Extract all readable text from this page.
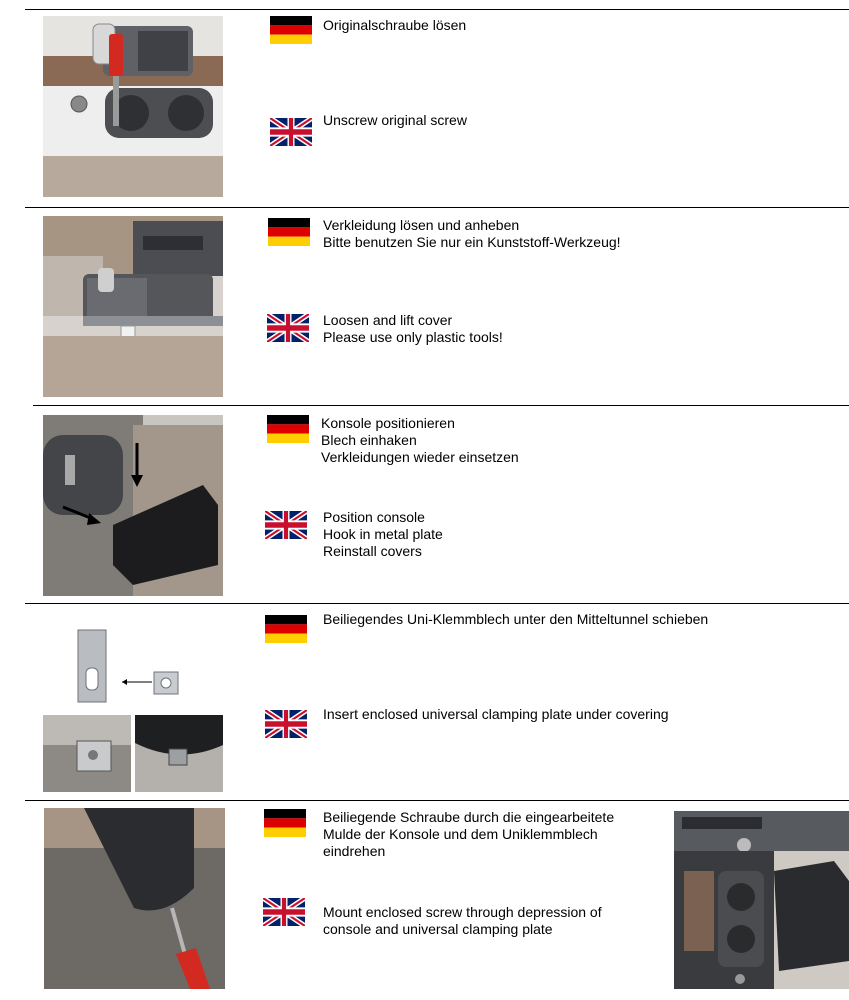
Originalschraube lösen
Unscrew original screw
Verkleidung lösen und anheben
Bitte benutzen Sie nur ein Kunststoff-Werkzeug!
Loosen and lift cover
Please use only plastic tools!
Konsole positionieren
Blech einhaken
Verkleidungen wieder einsetzen
Position console
Hook in metal plate
Reinstall covers
Beiliegendes Uni-Klemmblech unter den Mitteltunnel schieben
Insert enclosed universal clamping plate under covering
Beiliegende Schraube durch die eingearbeitete
Mulde der Konsole und dem Uniklemmblech
eindrehen
Mount enclosed screw through depression of
console and universal clamping plate
